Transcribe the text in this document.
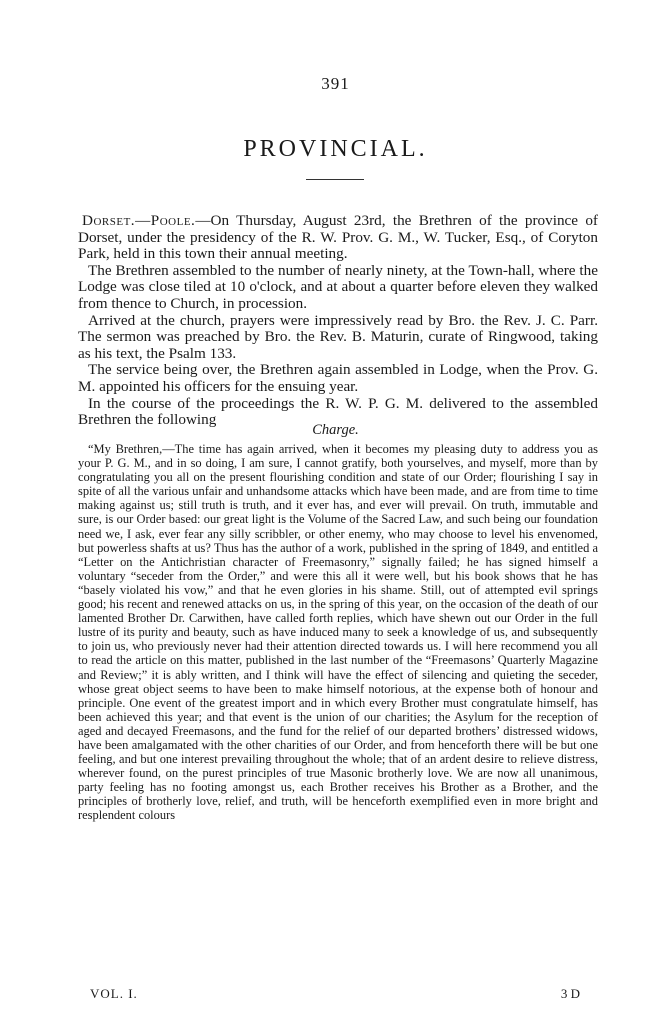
391
PROVINCIAL.

Dorset.—Poole.—On Thursday, August 23rd, the Brethren of the province of Dorset, under the presidency of the R. W. Prov. G. M., W. Tucker, Esq., of Coryton Park, held in this town their annual meeting.

The Brethren assembled to the number of nearly ninety, at the Town-hall, where the Lodge was close tiled at 10 o'clock, and at about a quarter before eleven they walked from thence to Church, in procession.

Arrived at the church, prayers were impressively read by Bro. the Rev. J. C. Parr. The sermon was preached by Bro. the Rev. B. Maturin, curate of Ringwood, taking as his text, the Psalm 133.

The service being over, the Brethren again assembled in Lodge, when the Prov. G. M. appointed his officers for the ensuing year.

In the course of the proceedings the R. W. P. G. M. delivered to the assembled Brethren the following

Charge.
“My Brethren,—The time has again arrived, when it becomes my pleasing duty to address you as your P. G. M., and in so doing, I am sure, I cannot gratify, both yourselves, and myself, more than by congratulating you all on the present flourishing condition and state of our Order; flourishing I say in spite of all the various unfair and unhandsome attacks which have been made, and are from time to time making against us; still truth is truth, and it ever has, and ever will prevail. On truth, immutable and sure, is our Order based: our great light is the Volume of the Sacred Law, and such being our foundation need we, I ask, ever fear any silly scribbler, or other enemy, who may choose to level his envenomed, but powerless shafts at us? Thus has the author of a work, published in the spring of 1849, and entitled a “Letter on the Antichristian character of Freemasonry,” signally failed; he has signed himself a voluntary “seceder from the Order,” and were this all it were well, but his book shows that he has “basely violated his vow,” and that he even glories in his shame. Still, out of attempted evil springs good; his recent and renewed attacks on us, in the spring of this year, on the occasion of the death of our lamented Brother Dr. Carwithen, have called forth replies, which have shewn out our Order in the full lustre of its purity and beauty, such as have induced many to seek a knowledge of us, and subsequently to join us, who previously never had their attention directed towards us. I will here recommend you all to read the article on this matter, published in the last number of the “Freemasons’ Quarterly Magazine and Review;” it is ably written, and I think will have the effect of silencing and quieting the seceder, whose great object seems to have been to make himself notorious, at the expense both of honour and principle. One event of the greatest import and in which every Brother must congratulate himself, has been achieved this year; and that event is the union of our charities; the Asylum for the reception of aged and decayed Freemasons, and the fund for the relief of our departed brothers’ distressed widows, have been amalgamated with the other charities of our Order, and from henceforth there will be but one feeling, and but one interest prevailing throughout the whole; that of an ardent desire to relieve distress, wherever found, on the purest principles of true Masonic brotherly love. We are now all unanimous, party feeling has no footing amongst us, each Brother receives his Brother as a Brother, and the principles of brotherly love, relief, and truth, will be henceforth exemplified even in more bright and resplendent colours
VOL. I.	3 D
